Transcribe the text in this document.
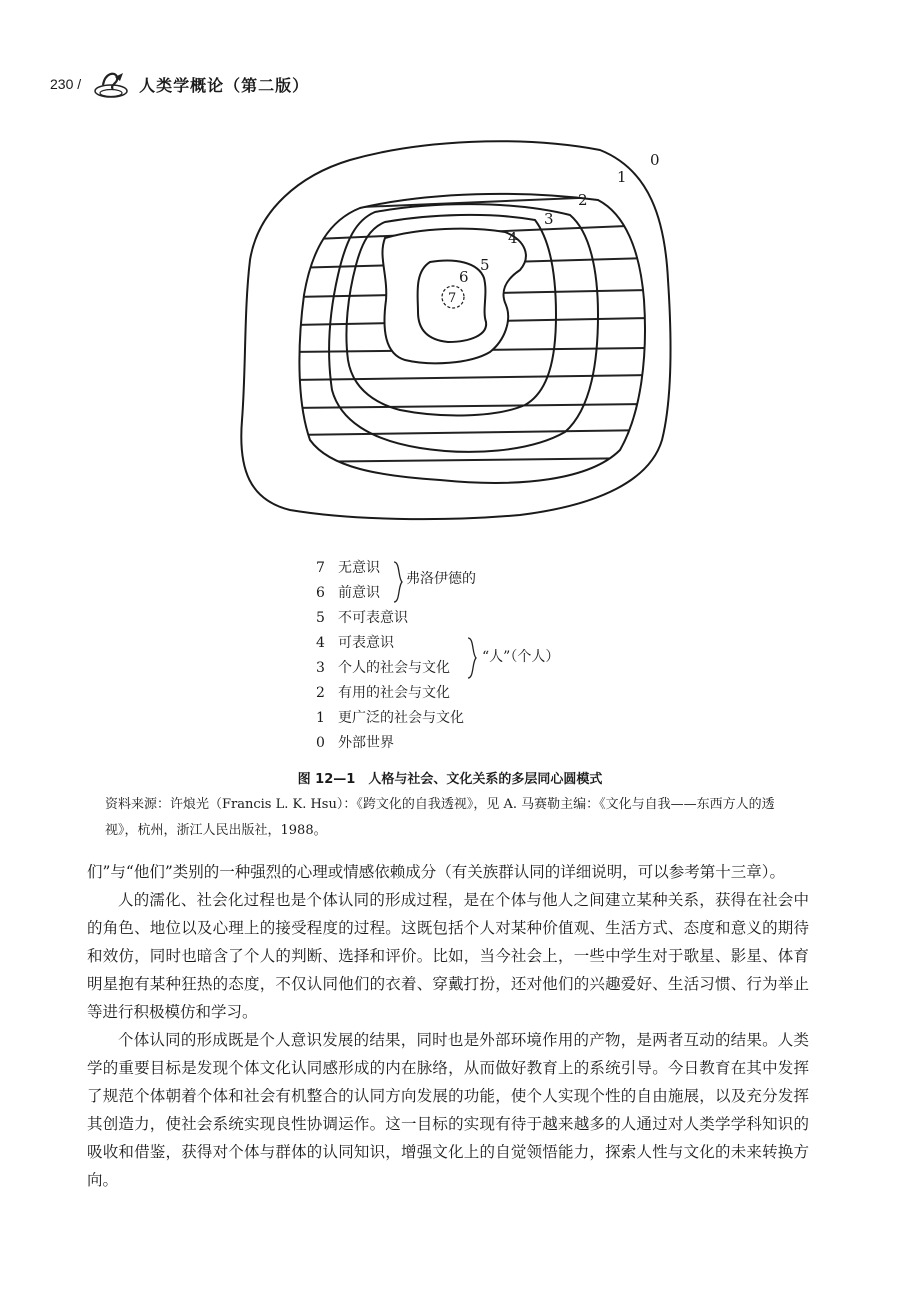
230 /	人类学概论（第二版）
0
1
2
3
4
5
6
7
7 无意识
6 前意识
5 不可表意识
4 可表意识
3 个人的社会与文化
2 有用的社会与文化
1 更广泛的社会与文化
0 外部世界
弗洛伊德的
“人”（个人）
图 12—1　人格与社会、文化关系的多层同心圆模式
资料来源：许烺光（Francis L. K. Hsu）：《跨文化的自我透视》，见 A. 马赛勒主编：《文化与自我——东西方人的透视》，杭州，浙江人民出版社，1988。

们”与“他们”类别的一种强烈的心理或情感依赖成分（有关族群认同的详细说明，可以参考第十三章）。

人的濡化、社会化过程也是个体认同的形成过程，是在个体与他人之间建立某种关系，获得在社会中的角色、地位以及心理上的接受程度的过程。这既包括个人对某种价值观、生活方式、态度和意义的期待和效仿，同时也暗含了个人的判断、选择和评价。比如，当今社会上，一些中学生对于歌星、影星、体育明星抱有某种狂热的态度，不仅认同他们的衣着、穿戴打扮，还对他们的兴趣爱好、生活习惯、行为举止等进行积极模仿和学习。

个体认同的形成既是个人意识发展的结果，同时也是外部环境作用的产物，是两者互动的结果。人类学的重要目标是发现个体文化认同感形成的内在脉络，从而做好教育上的系统引导。今日教育在其中发挥了规范个体朝着个体和社会有机整合的认同方向发展的功能，使个人实现个性的自由施展，以及充分发挥其创造力，使社会系统实现良性协调运作。这一目标的实现有待于越来越多的人通过对人类学学科知识的吸收和借鉴，获得对个体与群体的认同知识，增强文化上的自觉领悟能力，探索人性与文化的未来转换方向。
